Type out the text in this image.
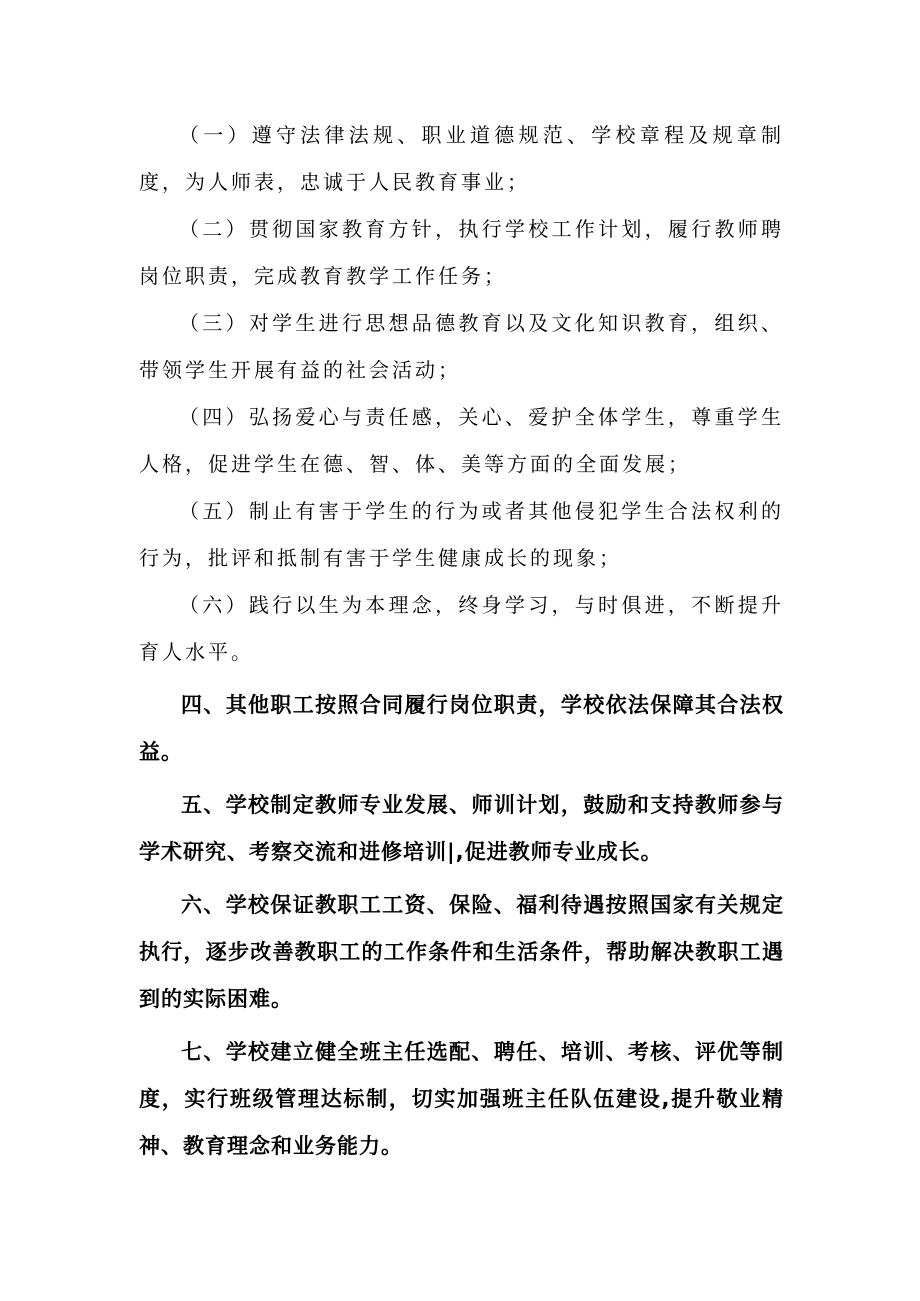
（一）遵守法律法规、职业道德规范、学校章程及规章制度，为人师表，忠诚于人民教育事业；

（二）贯彻国家教育方针，执行学校工作计划，履行教师聘岗位职责，完成教育教学工作任务；

（三）对学生进行思想品德教育以及文化知识教育，组织、带领学生开展有益的社会活动；

（四）弘扬爱心与责任感，关心、爱护全体学生，尊重学生人格，促进学生在德、智、体、美等方面的全面发展；

（五）制止有害于学生的行为或者其他侵犯学生合法权利的行为，批评和抵制有害于学生健康成长的现象；

（六）践行以生为本理念，终身学习，与时俱进，不断提升育人水平。

四、其他职工按照合同履行岗位职责，学校依法保障其合法权益。

五、学校制定教师专业发展、师训计划，鼓励和支持教师参与学术研究、考察交流和进修培训|,促进教师专业成长。

六、学校保证教职工工资、保险、福利待遇按照国家有关规定执行，逐步改善教职工的工作条件和生活条件，帮助解决教职工遇到的实际困难。

七、学校建立健全班主任选配、聘任、培训、考核、评优等制度，实行班级管理达标制，切实加强班主任队伍建设,提升敬业精神、教育理念和业务能力。
